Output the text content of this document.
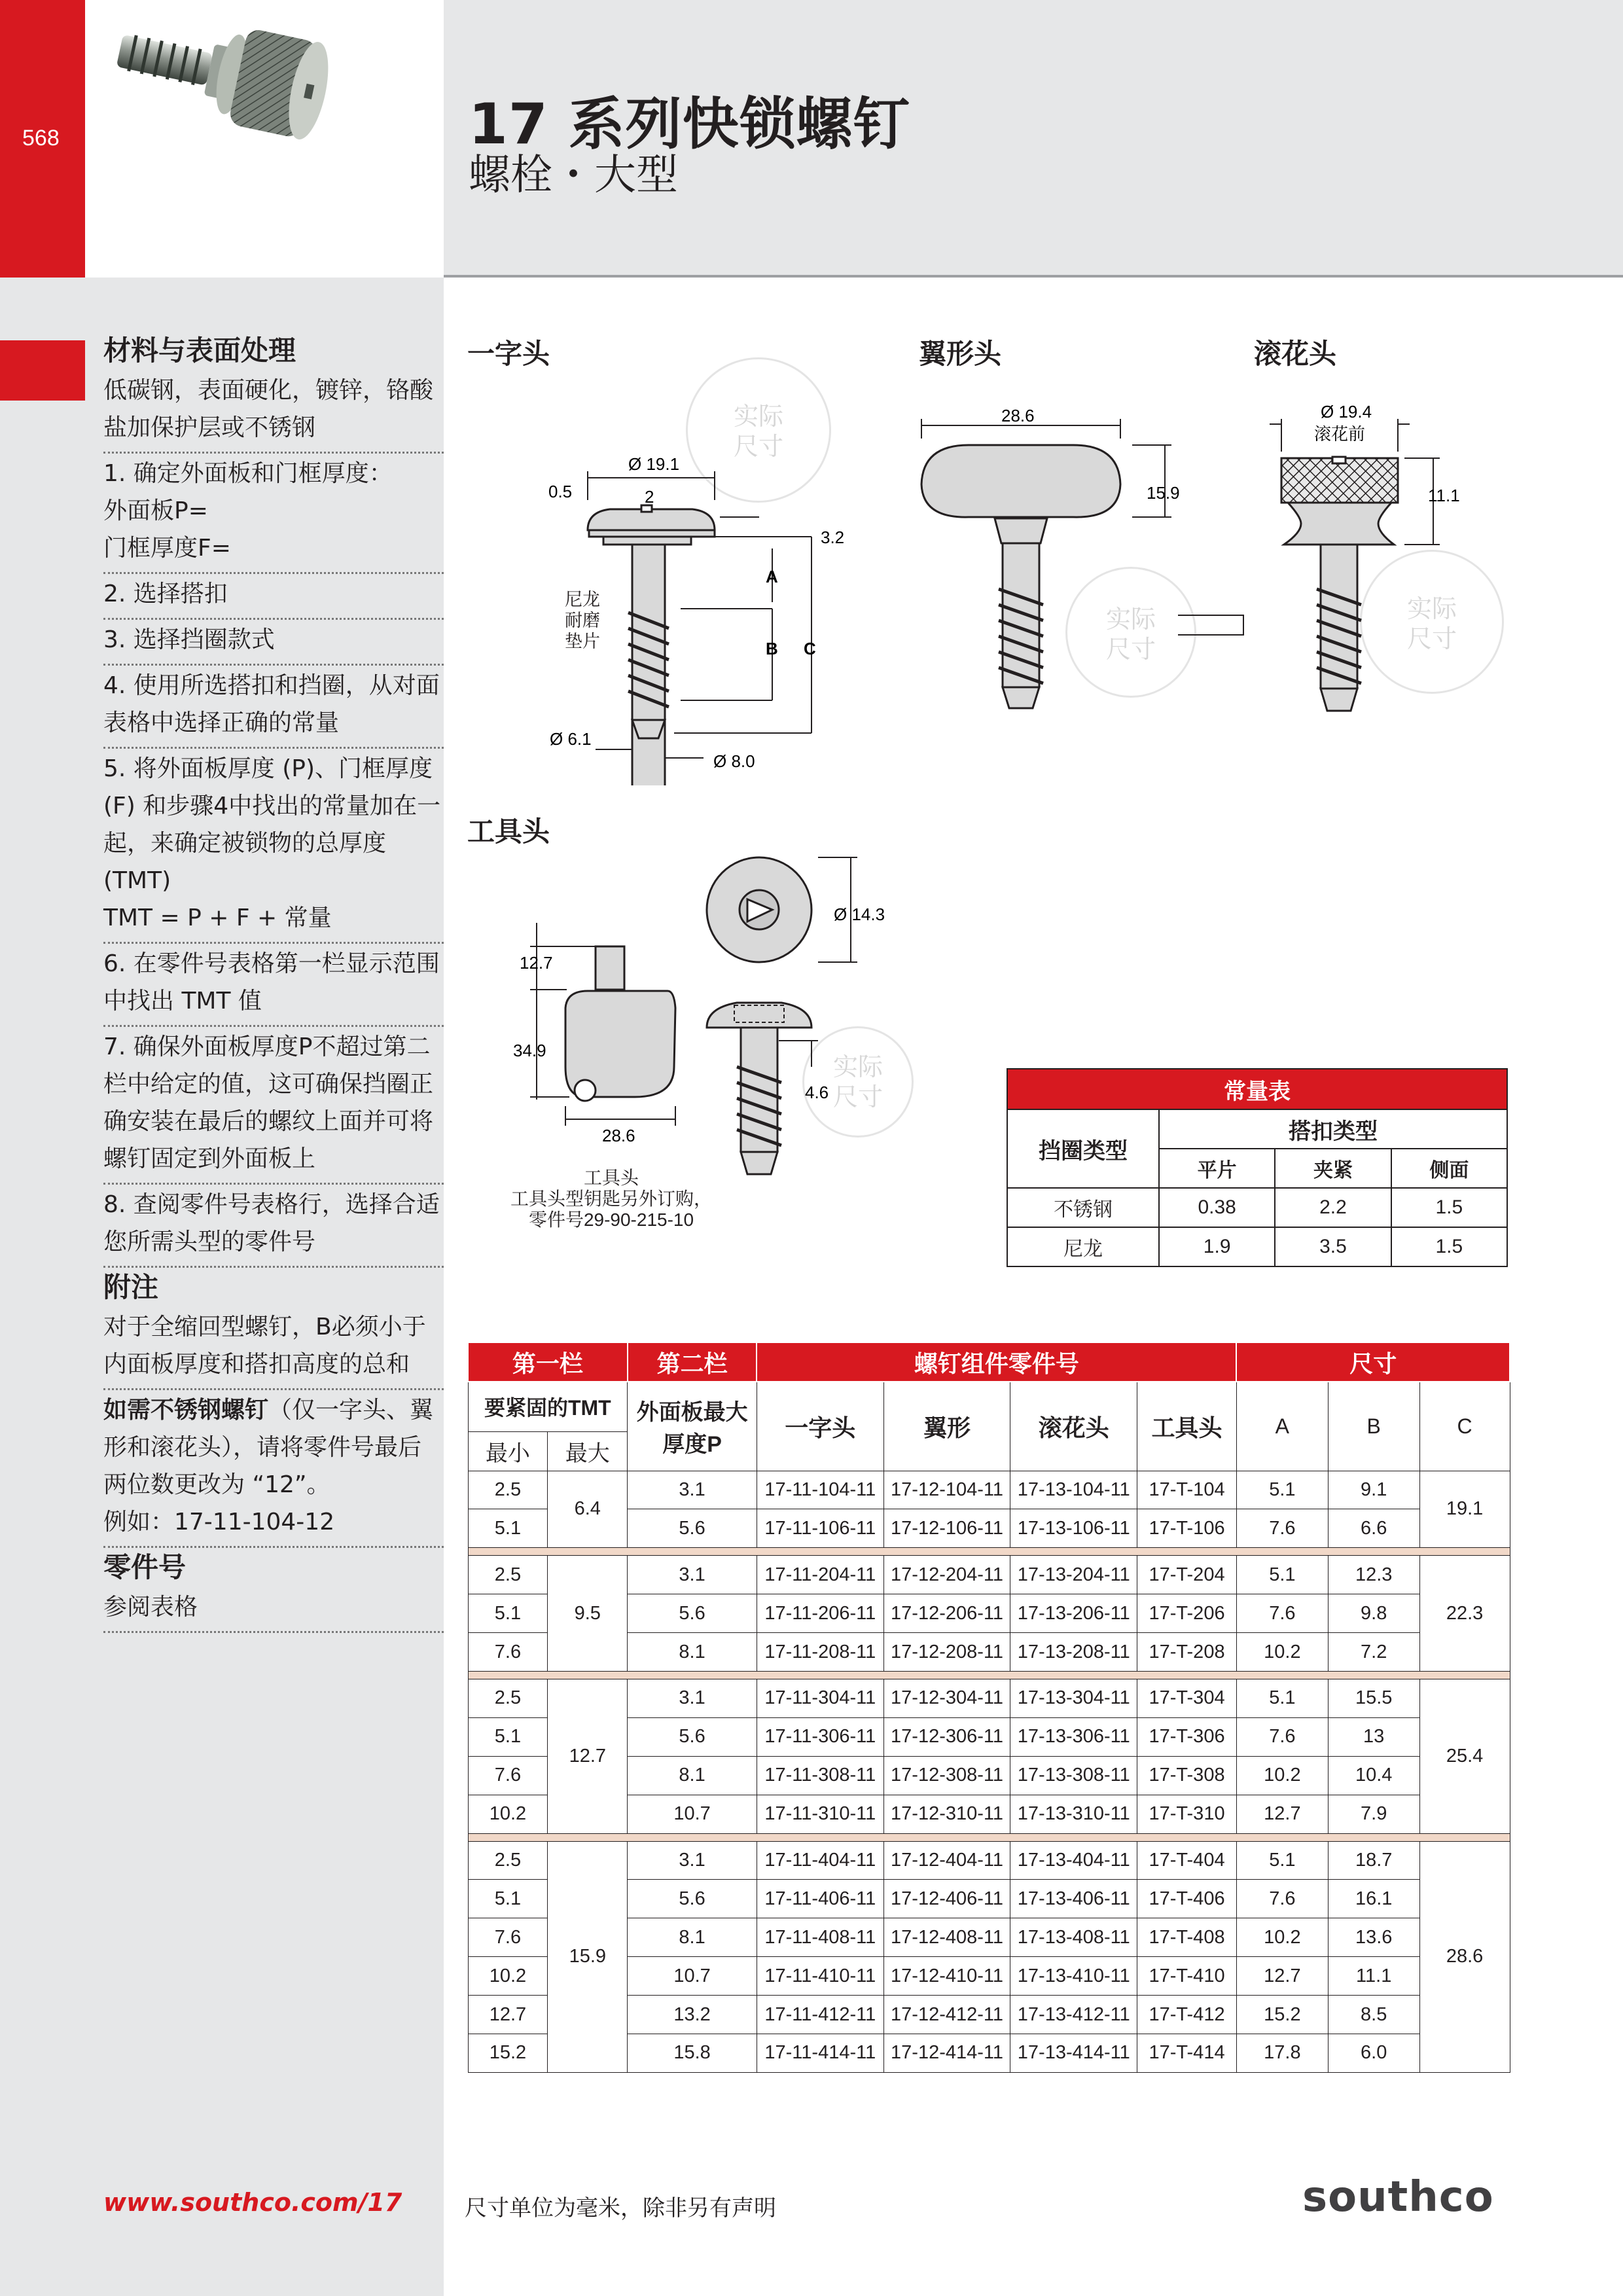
568	17 系列快锁螺钉
螺栓・大型
材料与表面处理
低碳钢，表面硬化，镀锌，铬酸盐加保护层或不锈钢

1. 确定外面板和门框厚度：

外面板P=

门框厚度F=

2. 选择搭扣
3. 选择挡圈款式
4. 使用所选搭扣和挡圈，从对面表格中选择正确的常量

5. 将外面板厚度 (P)、门框厚度 (F) 和步骤4中找出的常量加在一起，来确定被锁物的总厚度(TMT)

TMT = P + F + 常量

6. 在零件号表格第一栏显示范围中找出 TMT 值
7. 确保外面板厚度P不超过第二栏中给定的值，这可确保挡圈正确安装在最后的螺纹上面并可将螺钉固定到外面板上
8. 查阅零件号表格行，选择合适您所需头型的零件号
附注
对于全缩回型螺钉，B必须小于内面板厚度和搭扣高度的总和

如需不锈钢螺钉（仅一字头、翼形和滚花头），请将零件号最后两位数更改为 “12”。

例如：17-11-104-12

零件号
参阅表格
一字头	翼形头	滚花头
工具头
实际
尺寸
实际
尺寸
实际
尺寸
实际
尺寸
Ø 19.1
0.5	2
3.2
A
B C
Ø 6.1
Ø 8.0
尼龙
耐磨
垫片
28.6
15.9
Ø 19.4
滚花前
11.1
12.7
34.9
28.6
Ø 14.3
4.6
工具头
工具头型钥匙另外订购，
零件号29-90-215-10
常量表			
挡圈类型	搭扣类型		
	平片	夹紧	侧面
不锈钢	0.38	2.2	1.5
尼龙	1.9	3.5	1.5
第一栏		第二栏	螺钉组件零件号				尺寸		
要紧固的TMT		外面板最大厚度P	一字头	翼形	滚花头	工具头	A	B	C
最小	最大								
2.5	6.4	3.1	17-11-104-11	17-12-104-11	17-13-104-11	17-T-104	5.1	9.1	19.1
5.1		5.6	17-11-106-11	17-12-106-11	17-13-106-11	17-T-106	7.6	6.6	

2.5	9.5	3.1	17-11-204-11	17-12-204-11	17-13-204-11	17-T-204	5.1	12.3	22.3
5.1		5.6	17-11-206-11	17-12-206-11	17-13-206-11	17-T-206	7.6	9.8	
7.6		8.1	17-11-208-11	17-12-208-11	17-13-208-11	17-T-208	10.2	7.2	

2.5	12.7	3.1	17-11-304-11	17-12-304-11	17-13-304-11	17-T-304	5.1	15.5	25.4
5.1		5.6	17-11-306-11	17-12-306-11	17-13-306-11	17-T-306	7.6	13	
7.6		8.1	17-11-308-11	17-12-308-11	17-13-308-11	17-T-308	10.2	10.4	
10.2		10.7	17-11-310-11	17-12-310-11	17-13-310-11	17-T-310	12.7	7.9	

2.5	15.9	3.1	17-11-404-11	17-12-404-11	17-13-404-11	17-T-404	5.1	18.7	28.6
5.1		5.6	17-11-406-11	17-12-406-11	17-13-406-11	17-T-406	7.6	16.1	
7.6		8.1	17-11-408-11	17-12-408-11	17-13-408-11	17-T-408	10.2	13.6	
10.2		10.7	17-11-410-11	17-12-410-11	17-13-410-11	17-T-410	12.7	11.1	
12.7		13.2	17-11-412-11	17-12-412-11	17-13-412-11	17-T-412	15.2	8.5	
15.2		15.8	17-11-414-11	17-12-414-11	17-13-414-11	17-T-414	17.8	6.0	
www.southco.com/17	尺寸单位为毫米，除非另有声明	southco
